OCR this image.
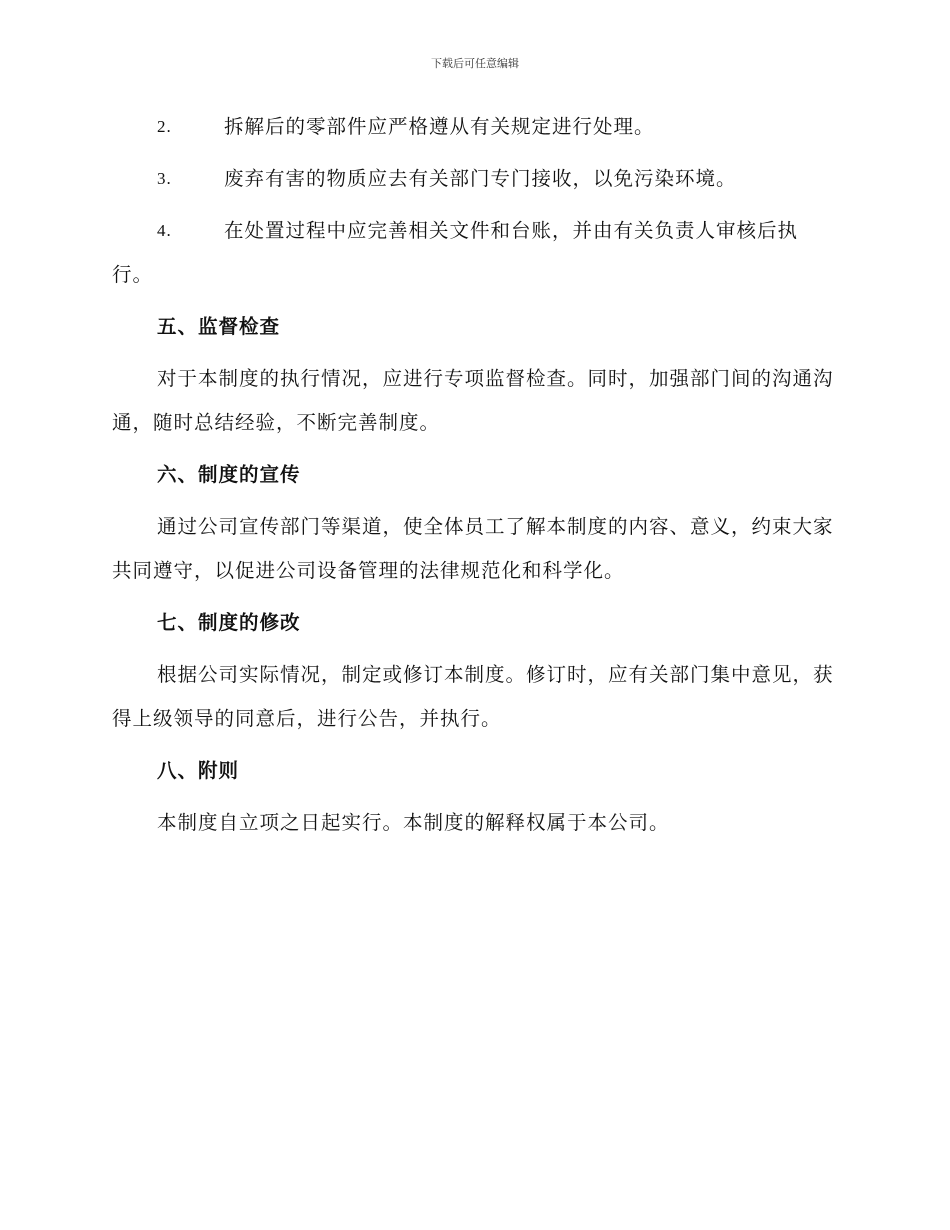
下载后可任意编辑
2.	拆解后的零部件应严格遵从有关规定进行处理。
3.	废弃有害的物质应去有关部门专门接收，以免污染环境。
4.	在处置过程中应完善相关文件和台账，并由有关负责人审核后执行。
五、监督检查
对于本制度的执行情况，应进行专项监督检查。同时，加强部门间的沟通沟通，随时总结经验，不断完善制度。
六、制度的宣传
通过公司宣传部门等渠道，使全体员工了解本制度的内容、意义，约束大家共同遵守，以促进公司设备管理的法律规范化和科学化。
七、制度的修改
根据公司实际情况，制定或修订本制度。修订时，应有关部门集中意见，获得上级领导的同意后，进行公告，并执行。
八、附则
本制度自立项之日起实行。本制度的解释权属于本公司。
